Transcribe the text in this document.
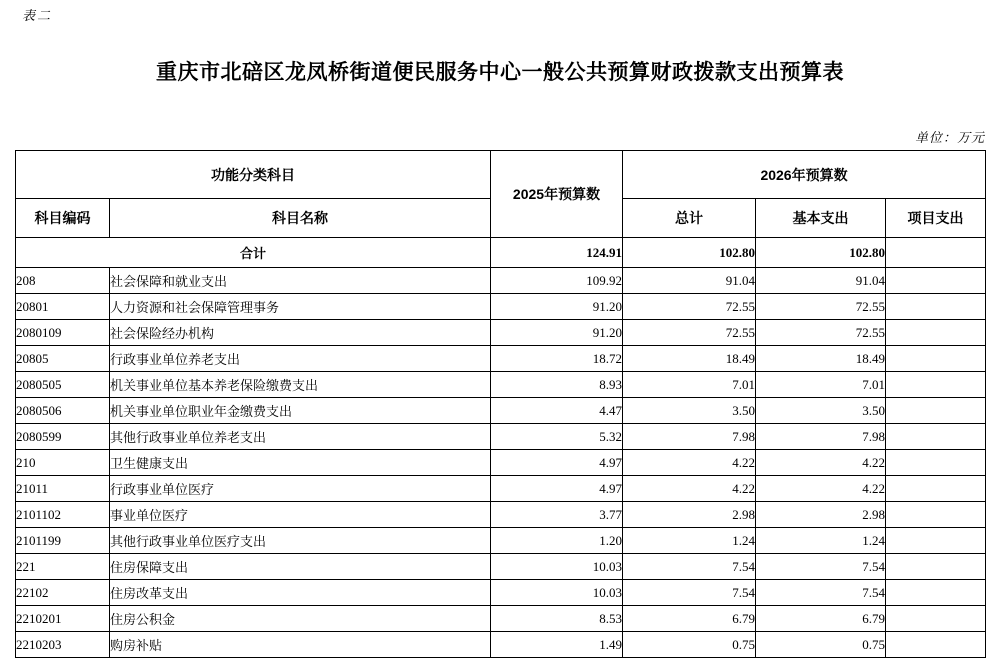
表二
重庆市北碚区龙凤桥街道便民服务中心一般公共预算财政拨款支出预算表
单位：万元
功能分类科目		2025年预算数	2026年预算数		
科目编码	科目名称		总计	基本支出	项目支出
合计		124.91	102.80	102.80	
208	社会保障和就业支出	109.92	91.04	91.04	
20801	人力资源和社会保障管理事务	91.20	72.55	72.55	
2080109	社会保险经办机构	91.20	72.55	72.55	
20805	行政事业单位养老支出	18.72	18.49	18.49	
2080505	机关事业单位基本养老保险缴费支出	8.93	7.01	7.01	
2080506	机关事业单位职业年金缴费支出	4.47	3.50	3.50	
2080599	其他行政事业单位养老支出	5.32	7.98	7.98	
210	卫生健康支出	4.97	4.22	4.22	
21011	行政事业单位医疗	4.97	4.22	4.22	
2101102	事业单位医疗	3.77	2.98	2.98	
2101199	其他行政事业单位医疗支出	1.20	1.24	1.24	
221	住房保障支出	10.03	7.54	7.54	
22102	住房改革支出	10.03	7.54	7.54	
2210201	住房公积金	8.53	6.79	6.79	
2210203	购房补贴	1.49	0.75	0.75	
